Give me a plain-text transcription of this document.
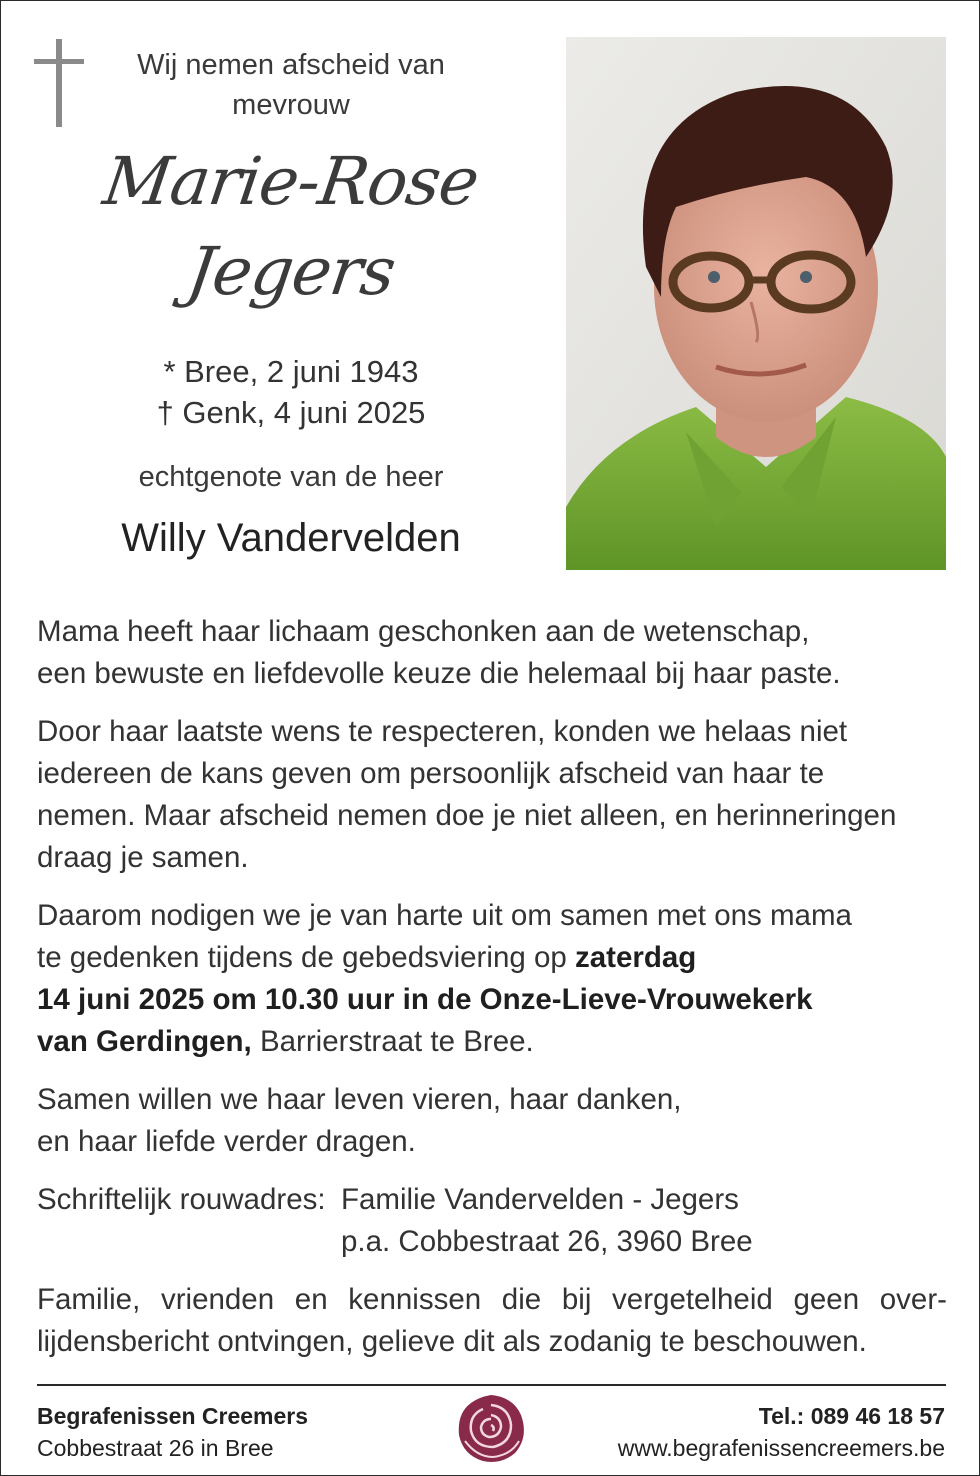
Wij nemen afscheid van
mevrouw
Marie-Rose
Jegers
* Bree, 2 juni 1943
† Genk, 4 juni 2025
echtgenote van de heer
Willy Vandervelden

Mama heeft haar lichaam geschonken aan de wetenschap,
een bewuste en liefdevolle keuze die helemaal bij haar paste.

Door haar laatste wens te respecteren, konden we helaas niet
iedereen de kans geven om persoonlijk afscheid van haar te
nemen. Maar afscheid nemen doe je niet alleen, en herinneringen
draag je samen.

Daarom nodigen we je van harte uit om samen met ons mama
te gedenken tijdens de gebedsviering op zaterdag
14 juni 2025 om 10.30 uur in de Onze-Lieve-Vrouwekerk
van Gerdingen, Barrierstraat te Bree.

Samen willen we haar leven vieren, haar danken,
en haar liefde verder dragen.

Schriftelijk rouwadres: Familie Vandervelden - Jegers
p.a. Cobbestraat 26, 3960 Bree

Familie, vrienden en kennissen die bij vergetelheid geen over-
lijdensbericht ontvingen, gelieve dit als zodanig te beschouwen.

Begrafenissen Creemers
Cobbestraat 26 in Bree
Tel.: 089 46 18 57
www.begrafenissencreemers.be
